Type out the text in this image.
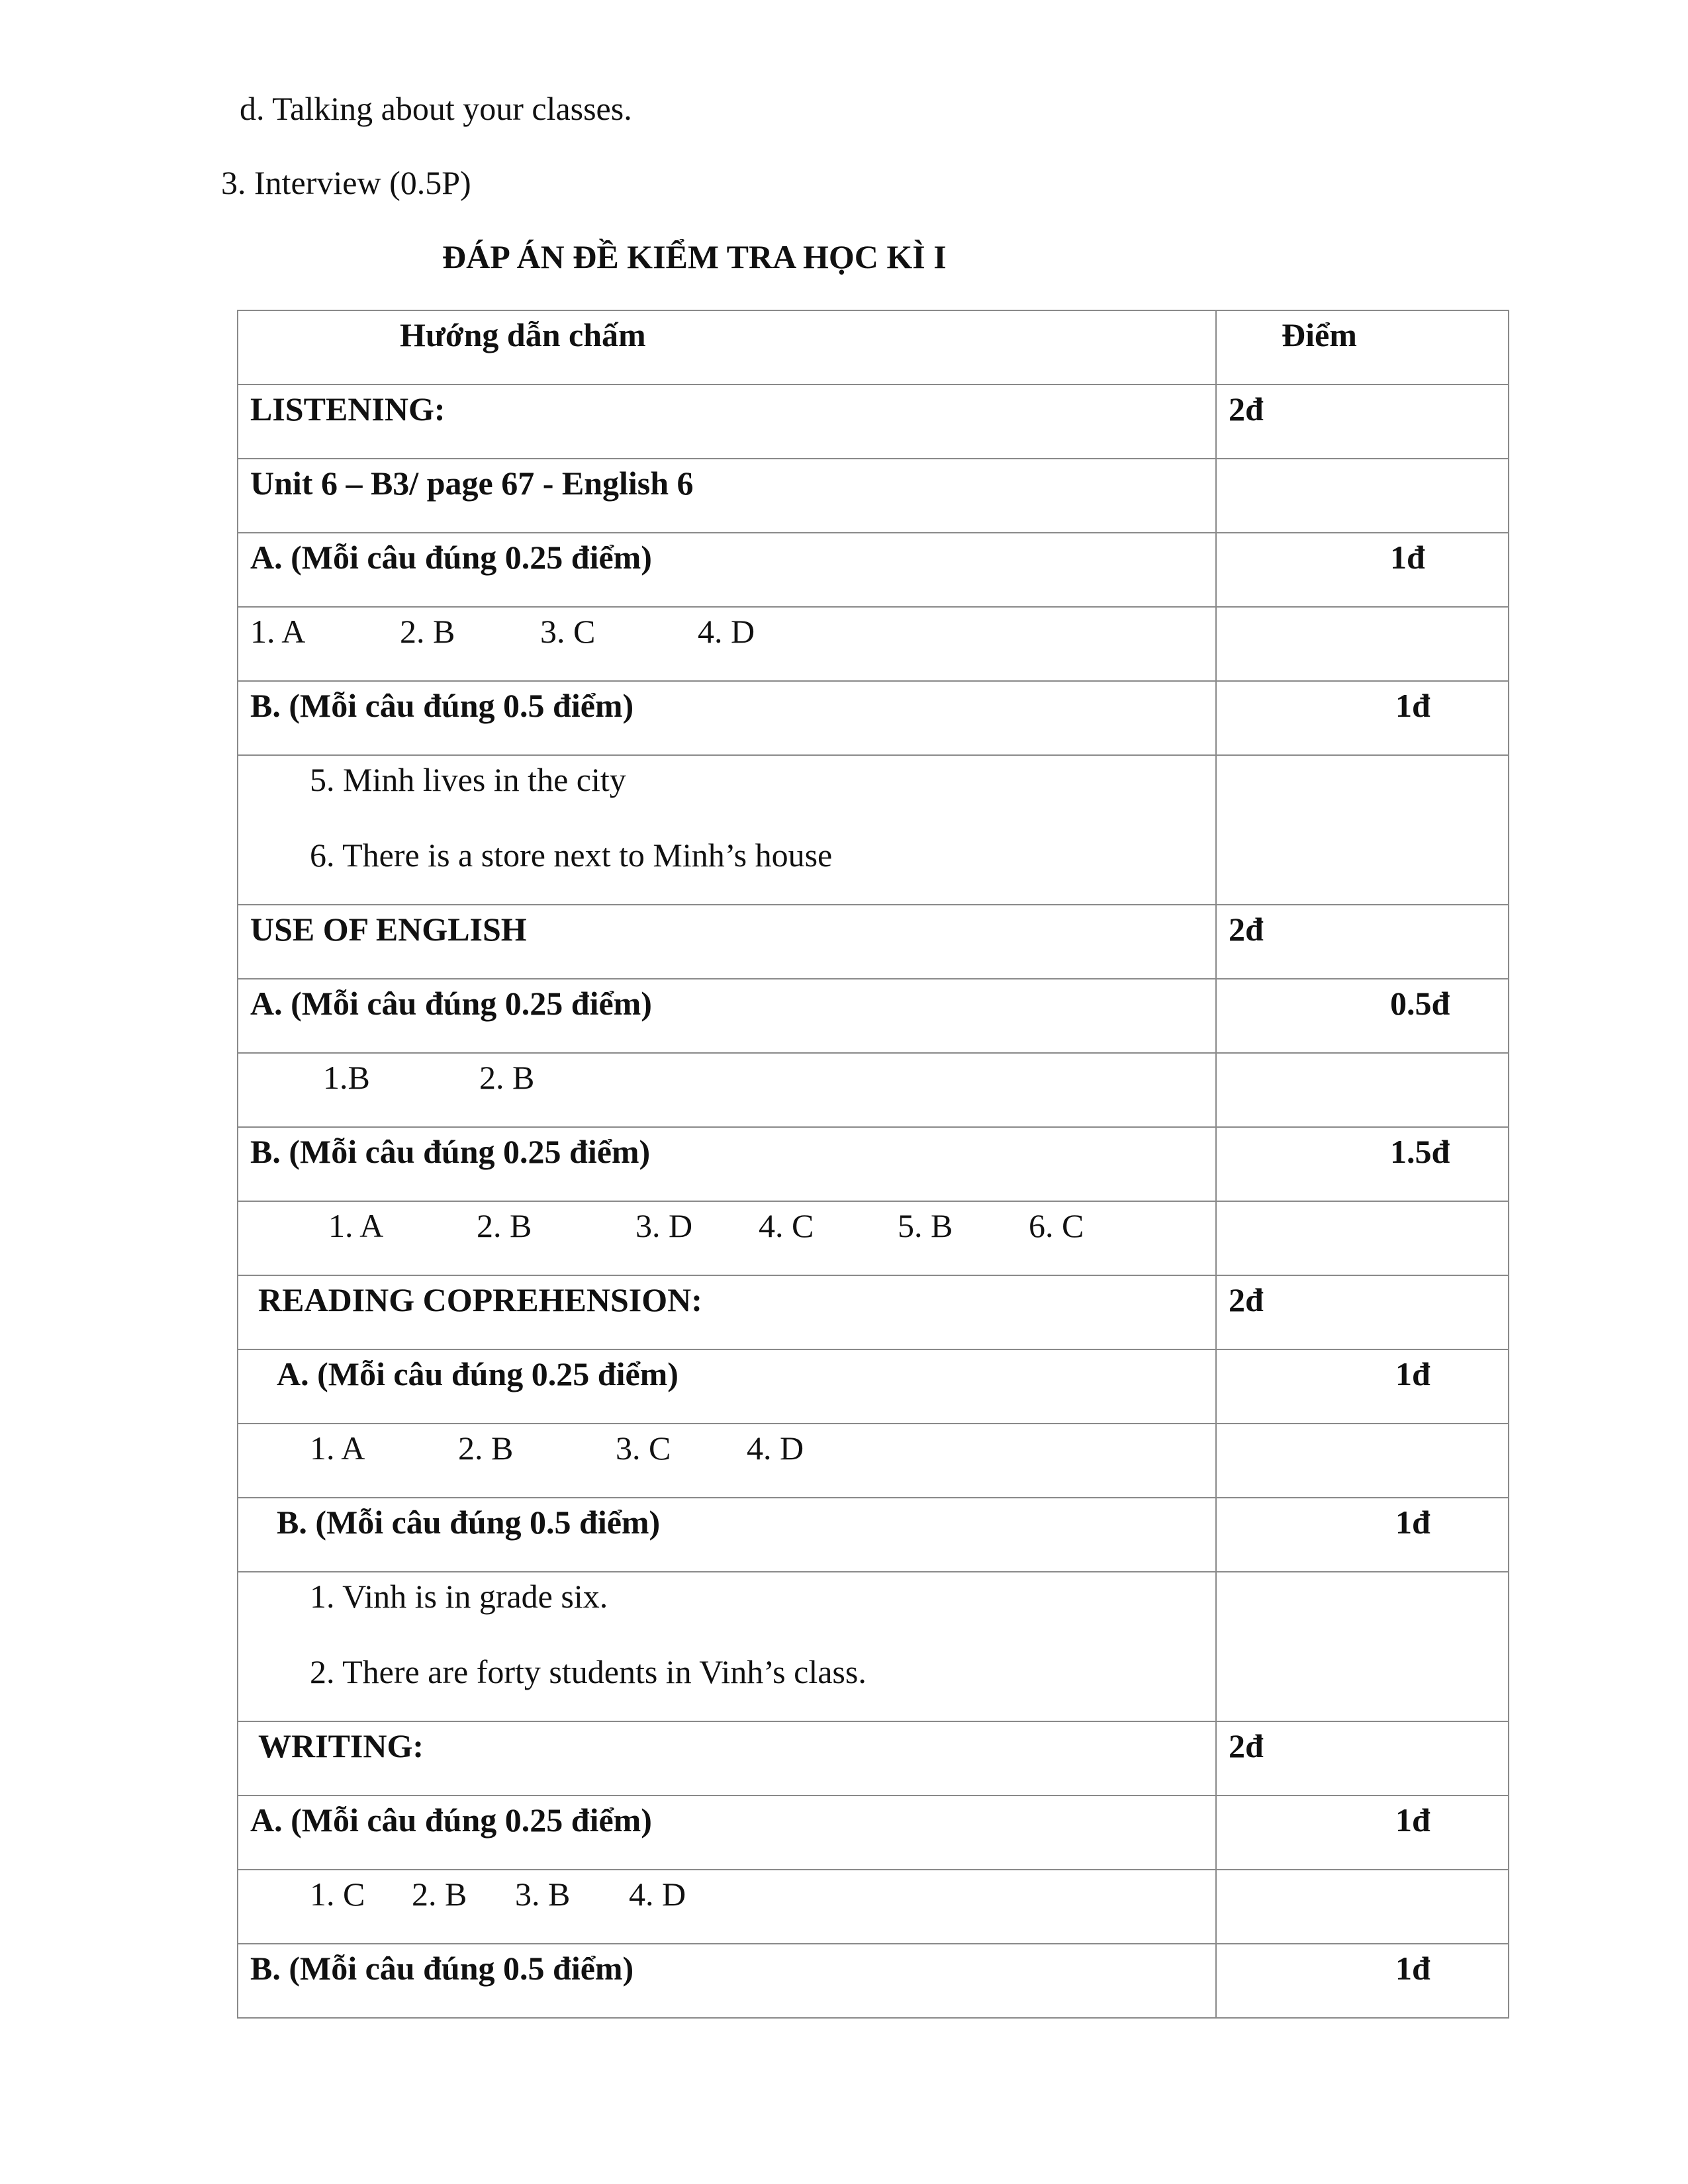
d. Talking about your classes.
3. Interview (0.5P)
ĐÁP ÁN ĐỀ KIỂM TRA HỌC KÌ I
Hướng dẫn chấm	Điểm

LISTENING:	2đ

Unit 6 – B3/ page 67 - English 6	

A. (Mỗi câu đúng 0.25 điểm)	1đ

1. A 2. B 3. C 4. D	

B. (Mỗi câu đúng 0.5 điểm)	1đ

5. Minh lives in the city
6. There is a store next to Minh’s house	

USE OF ENGLISH	2đ

A. (Mỗi câu đúng 0.25 điểm)	0.5đ

1.B 2. B	

B. (Mỗi câu đúng 0.25 điểm)	1.5đ

1. A 2. B 3. D 4. C 5. B 6. C	

READING COPREHENSION:	2đ

A. (Mỗi câu đúng 0.25 điểm)	1đ

1. A 2. B 3. C 4. D	

B. (Mỗi câu đúng 0.5 điểm)	1đ

1. Vinh is in grade six.
2. There are forty students in Vinh’s class.	

WRITING:	2đ

A. (Mỗi câu đúng 0.25 điểm)	1đ

1. C 2. B 3. B 4. D	

B. (Mỗi câu đúng 0.5 điểm)	1đ
